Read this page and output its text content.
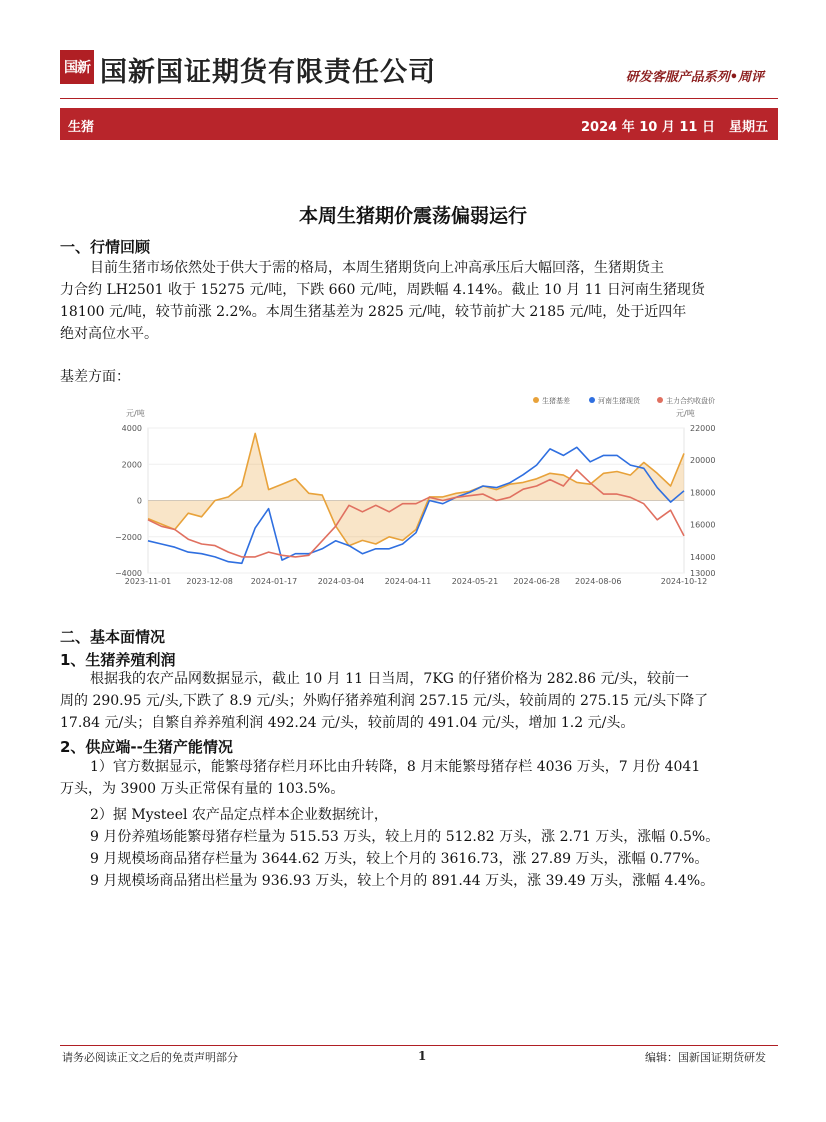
国新 国新国证期货有限责任公司	研发客服产品系列•周评
生猪	2024 年 10 月 11 日 星期五
本周生猪期价震荡偏弱运行
一、行情回顾
目前生猪市场依然处于供大于需的格局，本周生猪期货向上冲高承压后大幅回落，生猪期货主
力合约 LH2501 收于 15275 元/吨，下跌 660 元/吨，周跌幅 4.14%。截止 10 月 11 日河南生猪现货
18100 元/吨，较节前涨 2.2%。本周生猪基差为 2825 元/吨，较节前扩大 2185 元/吨，处于近四年
绝对高位水平。
基差方面：
生猪基差	河南生猪现货	主力合约收盘价
元/吨	元/吨
4000
2000
0
−2000
−4000
22000
20000
18000
16000
14000
13000
2023-11-01 2023-12-08 2024-01-17	2024-03-04	2024-04-11	2024-05-21 2024-06-28 2024-08-06	2024-10-12
二、基本面情况
1、生猪养殖利润
根据我的农产品网数据显示，截止 10 月 11 日当周，7KG 的仔猪价格为 282.86 元/头，较前一
周的 290.95 元/头,下跌了 8.9 元/头；外购仔猪养殖利润 257.15 元/头，较前周的 275.15 元/头下降了
17.84 元/头；自繁自养养殖利润 492.24 元/头，较前周的 491.04 元/头，增加 1.2 元/头。
2、供应端--生猪产能情况
1）官方数据显示，能繁母猪存栏月环比由升转降，8 月末能繁母猪存栏 4036 万头，7 月份 4041
万头，为 3900 万头正常保有量的 103.5%。
2）据 Mysteel 农产品定点样本企业数据统计，
9 月份养殖场能繁母猪存栏量为 515.53 万头，较上月的 512.82 万头，涨 2.71 万头，涨幅 0.5%。
9 月规模场商品猪存栏量为 3644.62 万头，较上个月的 3616.73，涨 27.89 万头，涨幅 0.77%。
9 月规模场商品猪出栏量为 936.93 万头，较上个月的 891.44 万头，涨 39.49 万头，涨幅 4.4%。
请务必阅读正文之后的免责声明部分	1	编辑：国新国证期货研发
